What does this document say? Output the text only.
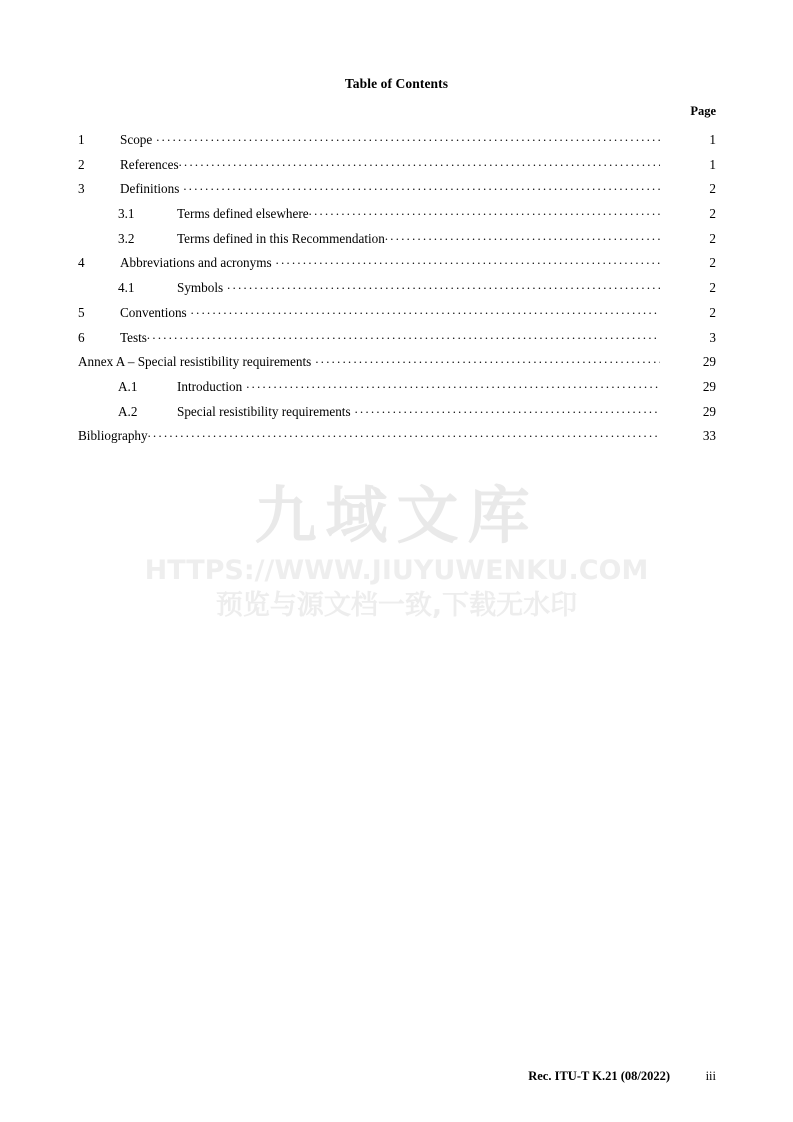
Table of Contents
Page
1	Scope . . .	1
2	References . . .	1
3	Definitions . . .	2
3.1	Terms defined elsewhere . . .	2
3.2	Terms defined in this Recommendation . . .	2
4	Abbreviations and acronyms . . .	2
4.1	Symbols . . .	2
5	Conventions . . .	2
6	Tests . . .	3
Annex A – Special resistibility requirements . . .	29
A.1	Introduction . . .	29
A.2	Special resistibility requirements . . .	29
Bibliography . . .	33
九域文库
HTTPS://WWW.JIUYUWENKU.COM
预览与源文档一致,下载无水印
Rec. ITU-T K.21 (08/2022)	iii
